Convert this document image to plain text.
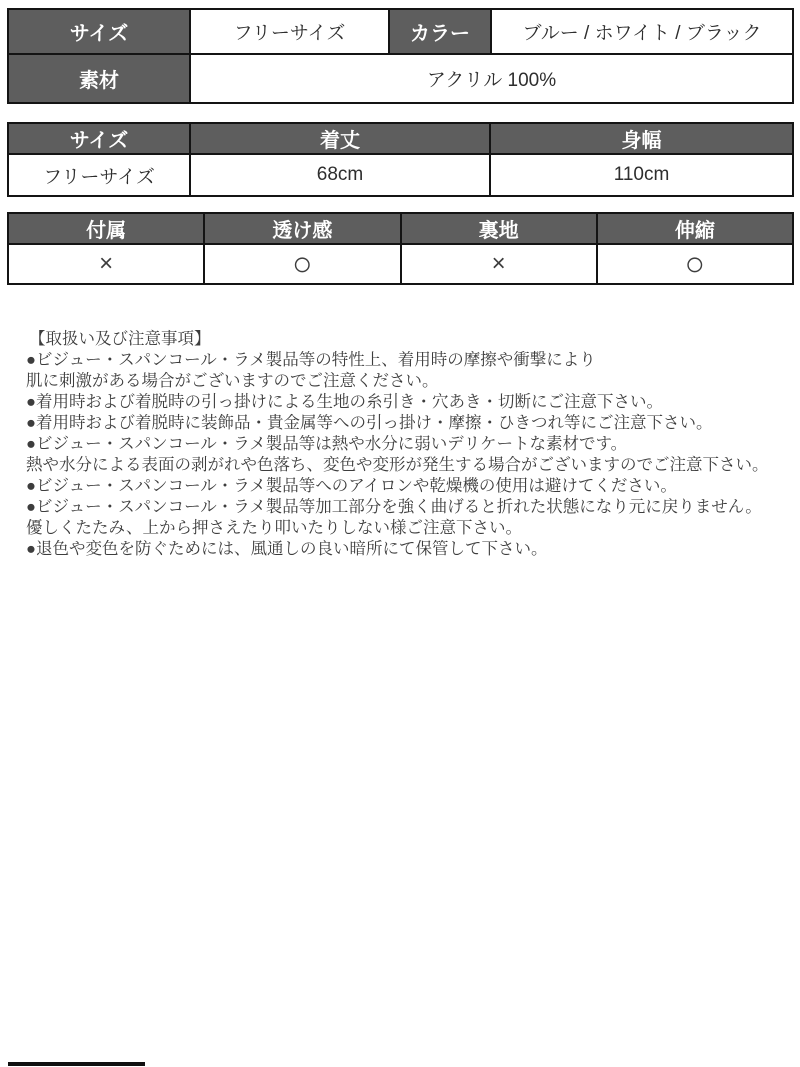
サイズ	フリーサイズ	カラー	ブルー / ホワイト / ブラック
素材	アクリル 100%		
サイズ	着丈	身幅
フリーサイズ	68cm	110cm
付属	透け感	裏地	伸縮
×	○	×	○
【取扱い及び注意事項】
●ビジュー・スパンコール・ラメ製品等の特性上、着用時の摩擦や衝撃により
肌に刺激がある場合がございますのでご注意ください。
●着用時および着脱時の引っ掛けによる生地の糸引き・穴あき・切断にご注意下さい。
●着用時および着脱時に装飾品・貴金属等への引っ掛け・摩擦・ひきつれ等にご注意下さい。
●ビジュー・スパンコール・ラメ製品等は熱や水分に弱いデリケートな素材です。
熱や水分による表面の剥がれや色落ち、変色や変形が発生する場合がございますのでご注意下さい。
●ビジュー・スパンコール・ラメ製品等へのアイロンや乾燥機の使用は避けてください。
●ビジュー・スパンコール・ラメ製品等加工部分を強く曲げると折れた状態になり元に戻りません。
優しくたたみ、上から押さえたり叩いたりしない様ご注意下さい。
●退色や変色を防ぐためには、風通しの良い暗所にて保管して下さい。
